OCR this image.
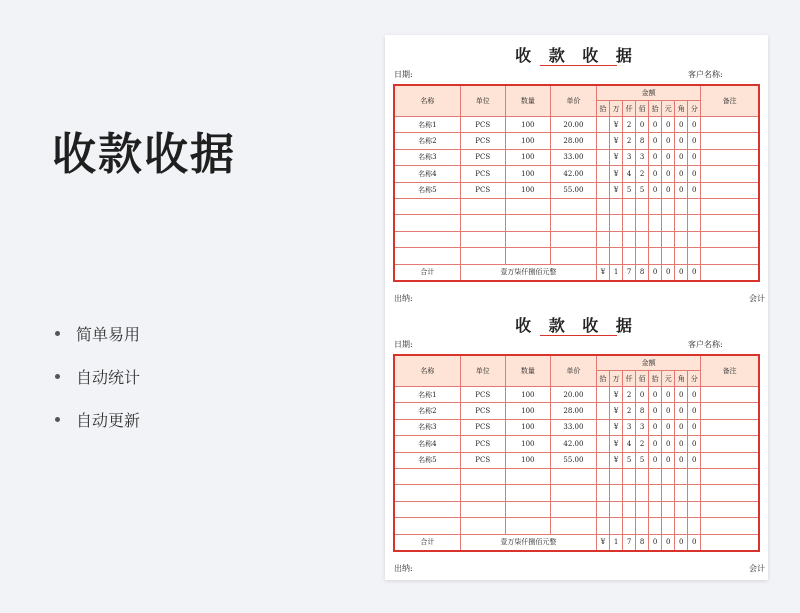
收款收据
简单易用
自动统计
自动更新
收 款 收 据
日期:	客户名称:
名称	单位	数量	单价	金额								备注
				拾	万	仟	佰	拾	元	角	分	
名称1	PCS	100	20.00		¥	2	0	0	0	0	0	
名称2	PCS	100	28.00		¥	2	8	0	0	0	0	
名称3	PCS	100	33.00		¥	3	3	0	0	0	0	
名称4	PCS	100	42.00		¥	4	2	0	0	0	0	
名称5	PCS	100	55.00		¥	5	5	0	0	0	0	

合计	壹万柒仟捌佰元整			¥	1	7	8	0	0	0	0	
出纳:	会计
收 款 收 据
日期:	客户名称:
名称	单位	数量	单价	金额								备注
				拾	万	仟	佰	拾	元	角	分	
名称1	PCS	100	20.00		¥	2	0	0	0	0	0	
名称2	PCS	100	28.00		¥	2	8	0	0	0	0	
名称3	PCS	100	33.00		¥	3	3	0	0	0	0	
名称4	PCS	100	42.00		¥	4	2	0	0	0	0	
名称5	PCS	100	55.00		¥	5	5	0	0	0	0	

合计	壹万柒仟捌佰元整			¥	1	7	8	0	0	0	0	
出纳:	会计
